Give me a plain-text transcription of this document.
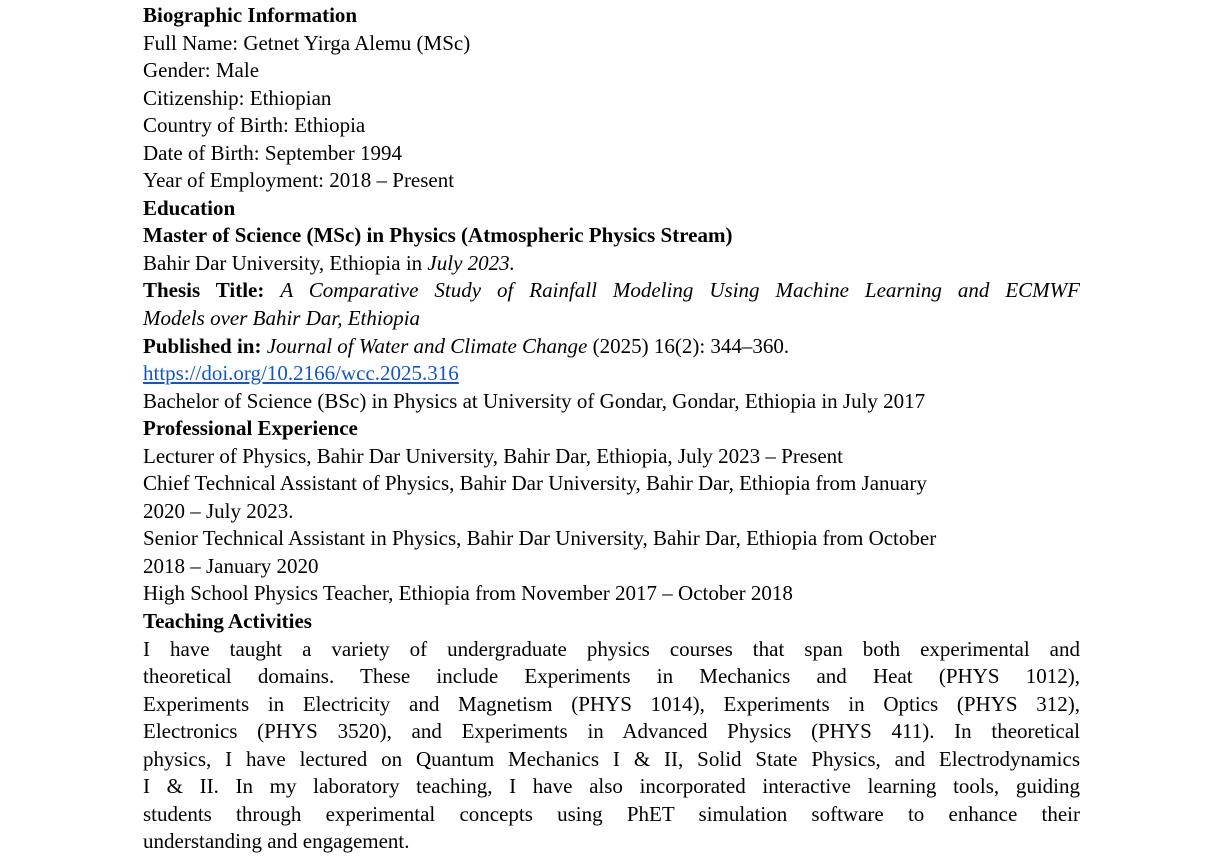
Biographic Information
Full Name: Getnet Yirga Alemu (MSc)
Gender: Male
Citizenship: Ethiopian
Country of Birth: Ethiopia
Date of Birth: September 1994
Year of Employment: 2018 – Present
Education
Master of Science (MSc) in Physics (Atmospheric Physics Stream)
Bahir Dar University, Ethiopia in July 2023.
Thesis Title: A Comparative Study of Rainfall Modeling Using Machine Learning and ECMWF
Models over Bahir Dar, Ethiopia
Published in: Journal of Water and Climate Change (2025) 16(2): 344–360.
https://doi.org/10.2166/wcc.2025.316
Bachelor of Science (BSc) in Physics at University of Gondar, Gondar, Ethiopia in July 2017
Professional Experience
Lecturer of Physics, Bahir Dar University, Bahir Dar, Ethiopia, July 2023 – Present
Chief Technical Assistant of Physics, Bahir Dar University, Bahir Dar, Ethiopia from January
2020 – July 2023.
Senior Technical Assistant in Physics, Bahir Dar University, Bahir Dar, Ethiopia from October
2018 – January 2020
High School Physics Teacher, Ethiopia from November 2017 – October 2018
Teaching Activities
I have taught a variety of undergraduate physics courses that span both experimental and
theoretical domains. These include Experiments in Mechanics and Heat (PHYS 1012),
Experiments in Electricity and Magnetism (PHYS 1014), Experiments in Optics (PHYS 312),
Electronics (PHYS 3520), and Experiments in Advanced Physics (PHYS 411). In theoretical
physics, I have lectured on Quantum Mechanics I & II, Solid State Physics, and Electrodynamics
I & II. In my laboratory teaching, I have also incorporated interactive learning tools, guiding
students through experimental concepts using PhET simulation software to enhance their
understanding and engagement.
